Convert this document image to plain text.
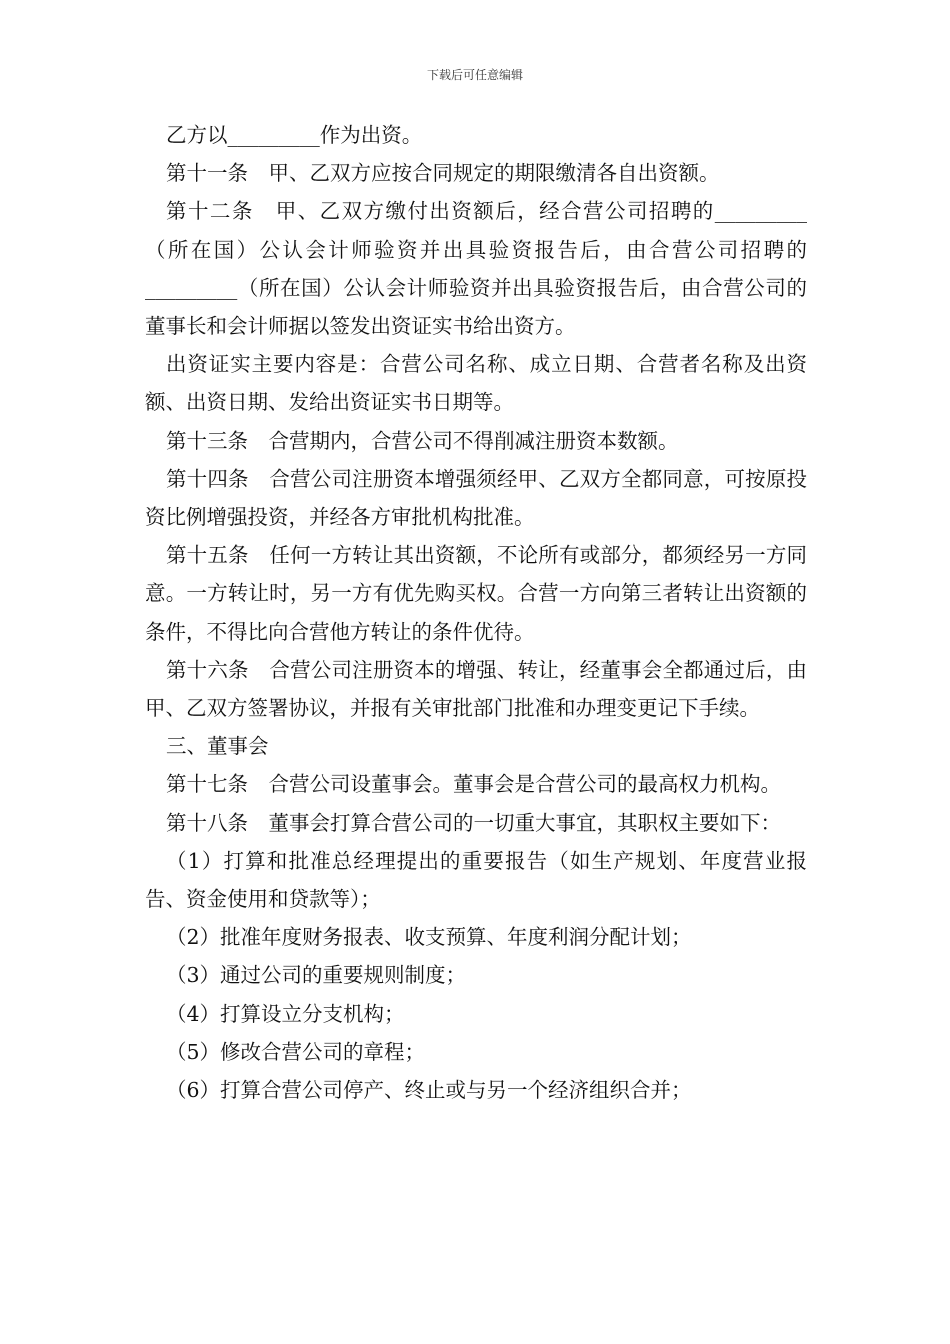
下载后可任意编辑

乙方以_________作为出资。

第十一条　甲、乙双方应按合同规定的期限缴清各自出资额。

第十二条　甲、乙双方缴付出资额后，经合营公司招聘的_________（所在国）公认会计师验资并出具验资报告后，由合营公司招聘的_________（所在国）公认会计师验资并出具验资报告后，由合营公司的董事长和会计师据以签发出资证实书给出资方。

出资证实主要内容是：合营公司名称、成立日期、合营者名称及出资额、出资日期、发给出资证实书日期等。

第十三条　合营期内，合营公司不得削减注册资本数额。

第十四条　合营公司注册资本增强须经甲、乙双方全都同意，可按原投资比例增强投资，并经各方审批机构批准。

第十五条　任何一方转让其出资额，不论所有或部分，都须经另一方同意。一方转让时，另一方有优先购买权。合营一方向第三者转让出资额的条件，不得比向合营他方转让的条件优待。

第十六条　合营公司注册资本的增强、转让，经董事会全都通过后，由甲、乙双方签署协议，并报有关审批部门批准和办理变更记下手续。

三、董事会

第十七条　合营公司设董事会。董事会是合营公司的最高权力机构。

第十八条　董事会打算合营公司的一切重大事宜，其职权主要如下：

（1）打算和批准总经理提出的重要报告（如生产规划、年度营业报告、资金使用和贷款等）；

（2）批准年度财务报表、收支预算、年度利润分配计划；

（3）通过公司的重要规则制度；

（4）打算设立分支机构；

（5）修改合营公司的章程；

（6）打算合营公司停产、终止或与另一个经济组织合并；
